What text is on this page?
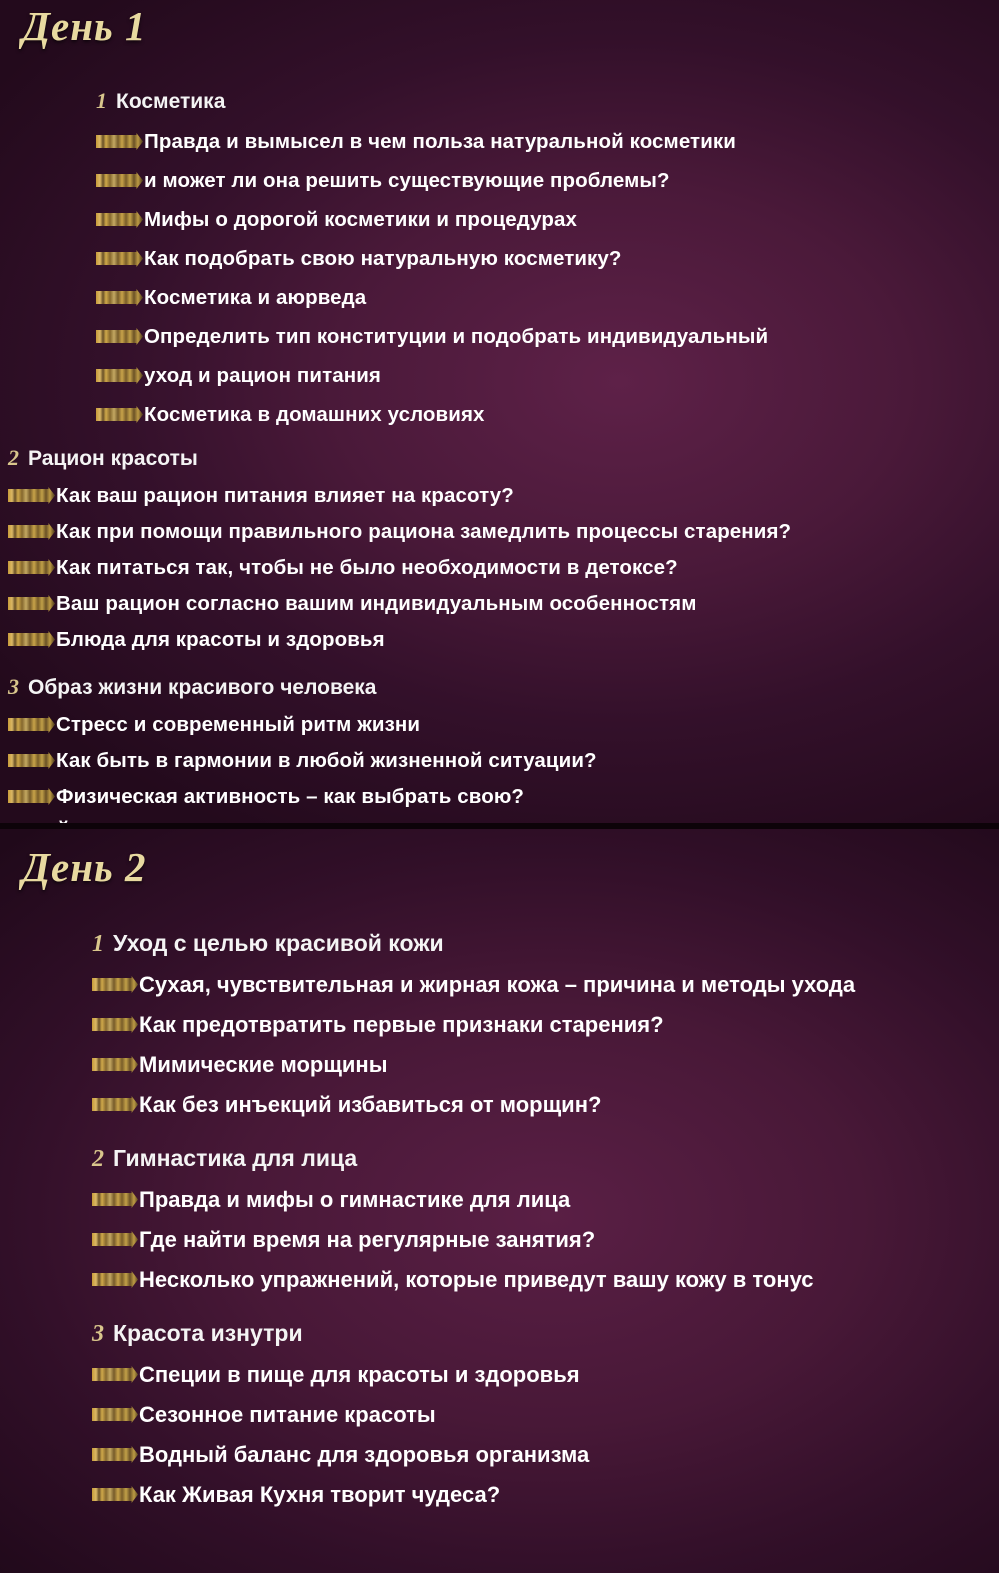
День 1
1 Косметика
Правда и вымысел в чем польза натуральной косметики
и может ли она решить существующие проблемы?
Мифы о дорогой косметики и процедурах
Как подобрать свою натуральную косметику?
Косметика и аюрведа
Определить тип конституции и подобрать индивидуальный
уход и рацион питания
Косметика в домашних условиях
2 Рацион красоты
Как ваш рацион питания влияет на красоту?
Как при помощи правильного рациона замедлить процессы старения?
Как питаться так, чтобы не было необходимости в детоксе?
Ваш рацион согласно вашим индивидуальным особенностям
Блюда для красоты и здоровья
3 Образ жизни красивого человека
Стресс и современный ритм жизни
Как быть в гармонии в любой жизненной ситуации?
Физическая активность – как выбрать свою?
День 2
1 Уход с целью красивой кожи
Сухая, чувствительная и жирная кожа – причина и методы ухода
Как предотвратить первые признаки старения?
Мимические морщины
Как без инъекций избавиться от морщин?
2 Гимнастика для лица
Правда и мифы о гимнастике для лица
Где найти время на регулярные занятия?
Несколько упражнений, которые приведут вашу кожу в тонус
3 Красота изнутри
Специи в пище для красоты и здоровья
Сезонное питание красоты
Водный баланс для здоровья организма
Как Живая Кухня творит чудеса?
